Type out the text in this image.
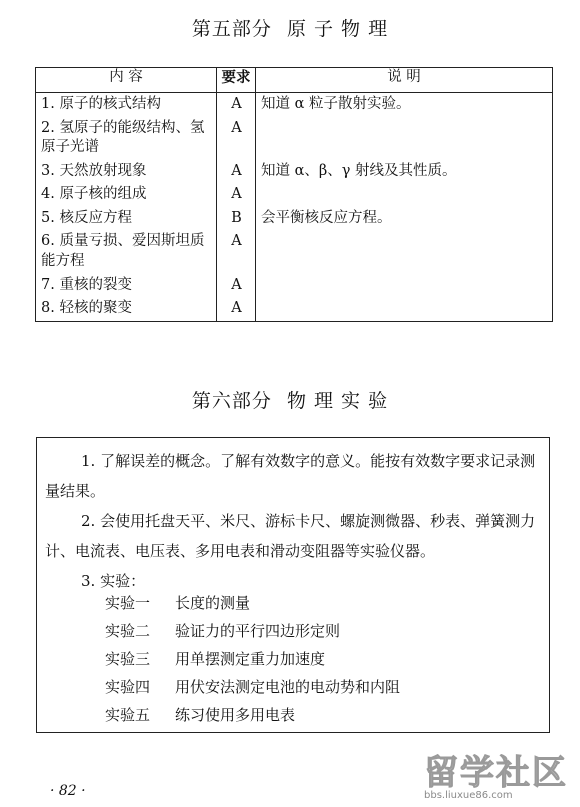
第五部分 原 子 物 理
内 容	要求	说 明
1. 原子的核式结构	A	知道 α 粒子散射实验。
2. 氢原子的能级结构、氢原子光谱	A	
3. 天然放射现象	A	知道 α、β、γ 射线及其性质。
4. 原子核的组成	A	
5. 核反应方程	B	会平衡核反应方程。
6. 质量亏损、爱因斯坦质能方程	A	
7. 重核的裂变	A	
8. 轻核的聚变	A	
第六部分 物 理 实 验

1. 了解误差的概念。了解有效数字的意义。能按有效数字要求记录测量结果。

2. 会使用托盘天平、米尺、游标卡尺、螺旋测微器、秒表、弹簧测力计、电流表、电压表、多用电表和滑动变阻器等实验仪器。

3. 实验：

实验一 长度的测量
实验二 验证力的平行四边形定则
实验三 用单摆测定重力加速度
实验四 用伏安法测定电池的电动势和内阻
实验五 练习使用多用电表
· 82 ·	留学社区
bbs.liuxue86.com
